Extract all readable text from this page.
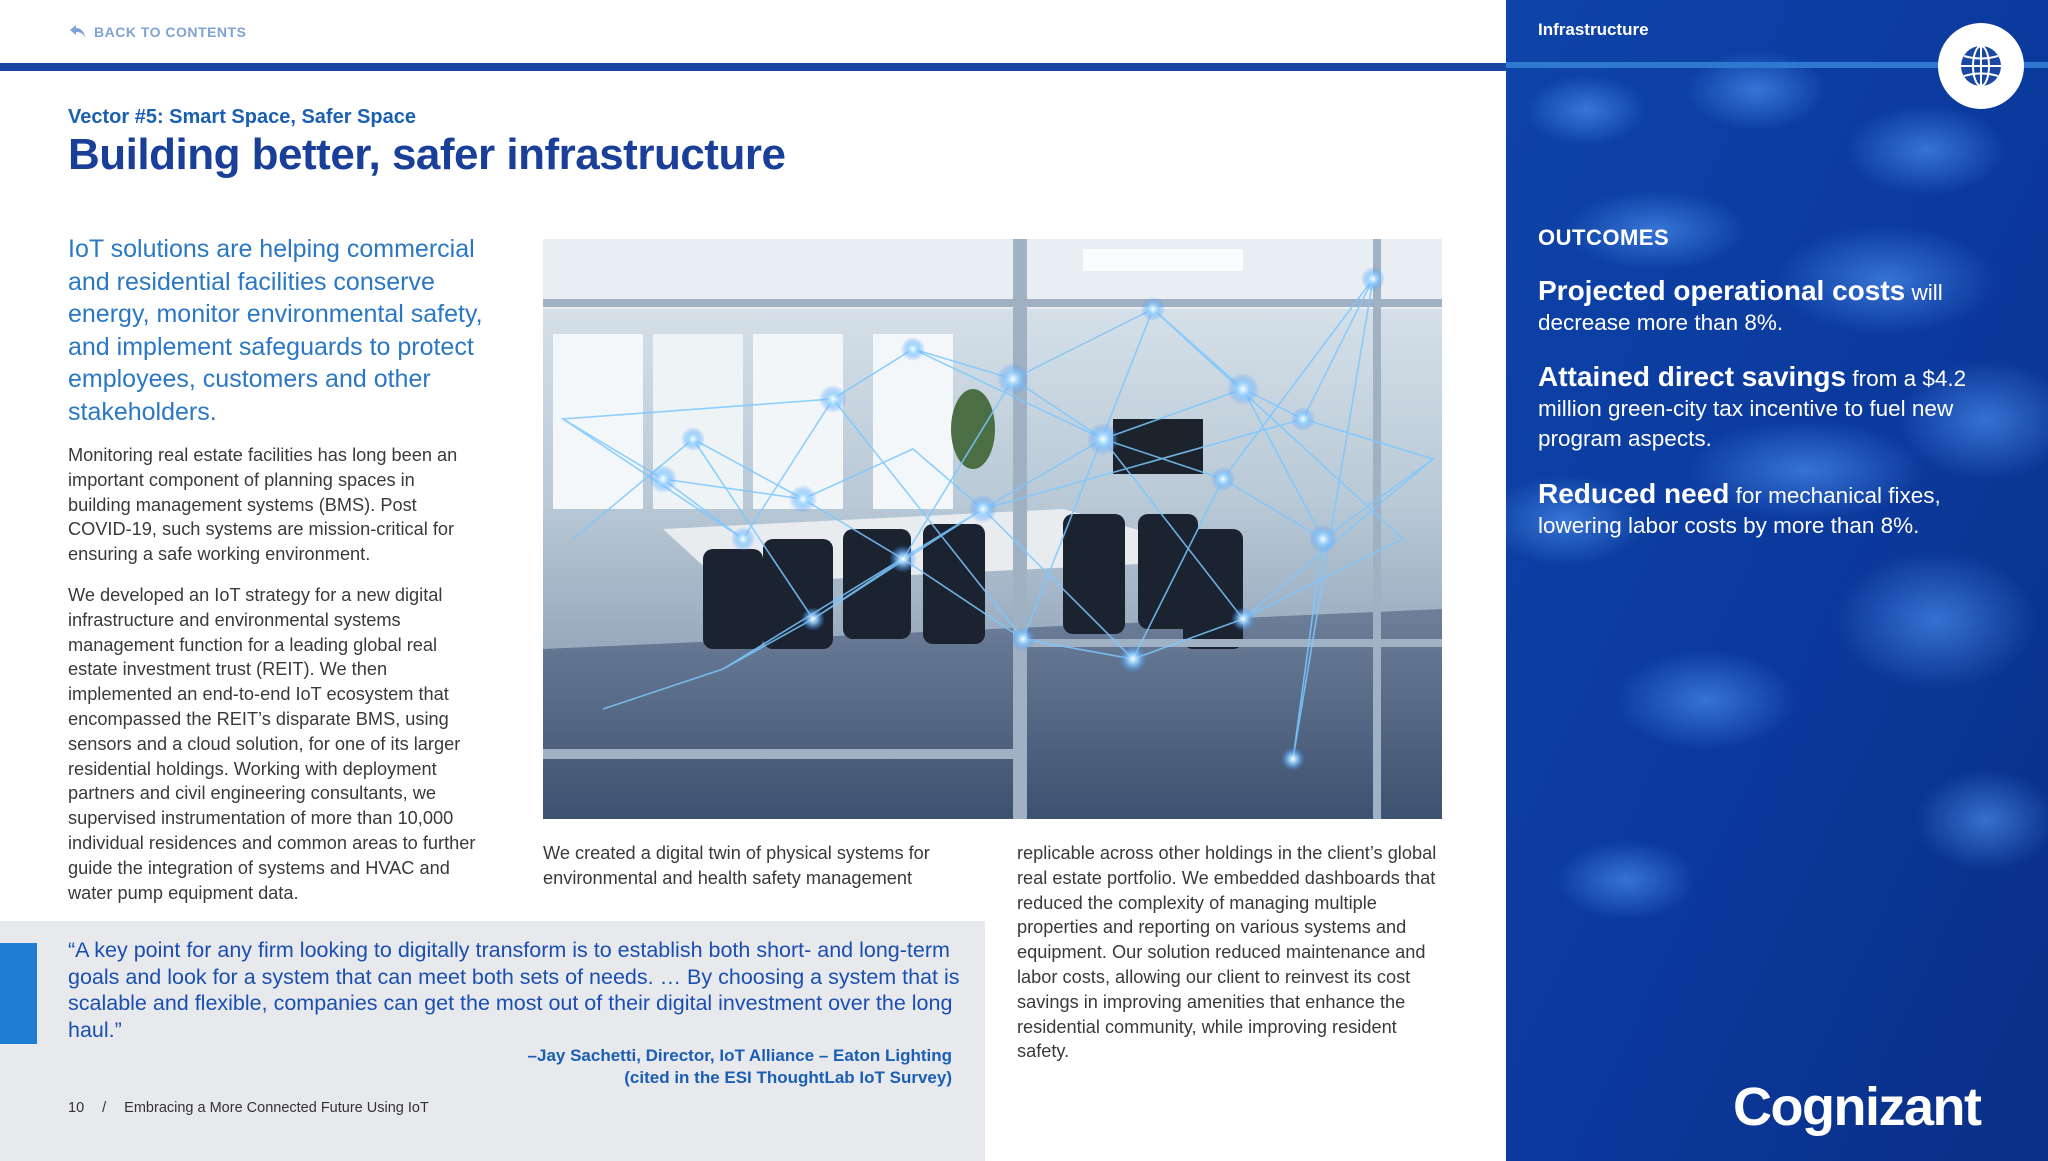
BACK TO CONTENTS
Vector #5: Smart Space, Safer Space
Building better, safer infrastructure
IoT solutions are helping commercial and residential facilities conserve energy, monitor environmental safety, and implement safeguards to protect employees, customers and other stakeholders.
Monitoring real estate facilities has long been an important component of planning spaces in building management systems (BMS). Post COVID-19, such systems are mission-critical for ensuring a safe working environment.
We developed an IoT strategy for a new digital infrastructure and environmental systems management function for a leading global real estate investment trust (REIT). We then implemented an end-to-end IoT ecosystem that encompassed the REIT’s disparate BMS, using sensors and a cloud solution, for one of its larger residential holdings. Working with deployment partners and civil engineering consultants, we supervised instrumentation of more than 10,000 individual residences and common areas to further guide the integration of systems and HVAC and water pump equipment data.
We created a digital twin of physical systems for environmental and health safety management
replicable across other holdings in the client’s global real estate portfolio. We embedded dashboards that reduced the complexity of managing multiple properties and reporting on various systems and equipment. Our solution reduced maintenance and labor costs, allowing our client to reinvest its cost savings in improving amenities that enhance the residential community, while improving resident safety.
“A key point for any firm looking to digitally transform is to establish both short- and long-term goals and look for a system that can meet both sets of needs. … By choosing a system that is scalable and flexible, companies can get the most out of their digital investment over the long haul.”
–Jay Sachetti, Director, IoT Alliance – Eaton Lighting
(cited in the ESI ThoughtLab IoT Survey)
10 / Embracing a More Connected Future Using IoT
Infrastructure
OUTCOMES
Projected operational costs will decrease more than 8%.
Attained direct savings from a $4.2 million green-city tax incentive to fuel new program aspects.
Reduced need for mechanical fixes, lowering labor costs by more than 8%.
Cognizant
